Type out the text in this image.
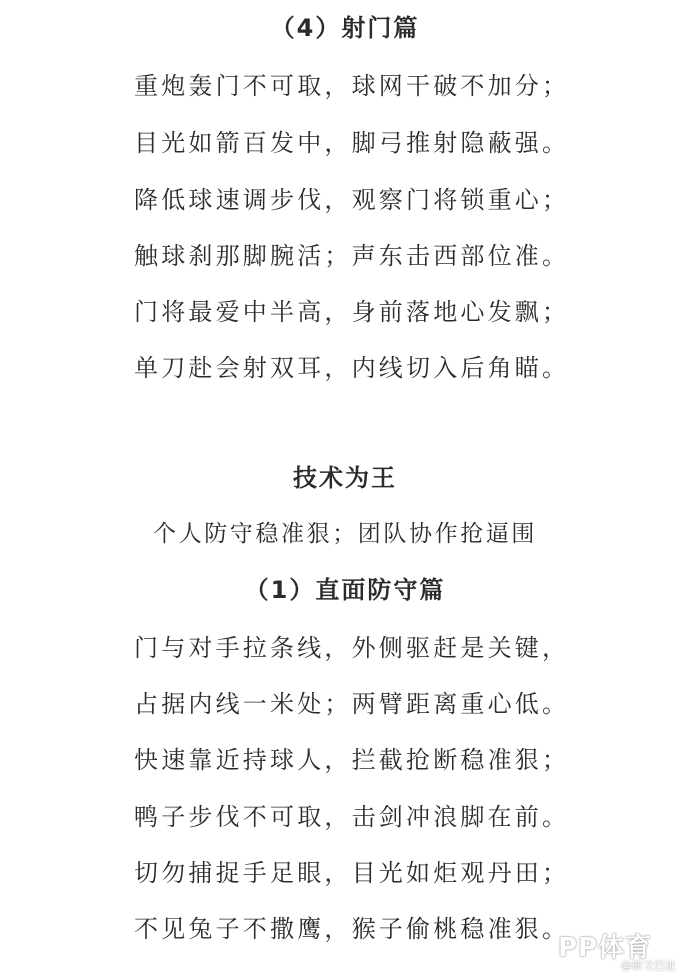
（4）射门篇
重炮轰门不可取，球网干破不加分；
目光如箭百发中，脚弓推射隐蔽强。
降低球速调步伐，观察门将锁重心；
触球刹那脚腕活；声东击西部位准。
门将最爱中半高，身前落地心发飘；
单刀赴会射双耳，内线切入后角瞄。
技术为王
个人防守稳准狠；团队协作抢逼围
（1）直面防守篇
门与对手拉条线，外侧驱赶是关键，
占据内线一米处；两臂距离重心低。
快速靠近持球人，拦截抢断稳准狠；
鸭子步伐不可取，击剑冲浪脚在前。
切勿捕捉手足眼，目光如炬观丹田；
不见兔子不撒鹰，猴子偷桃稳准狠。
PP体育
@新文巴祉
